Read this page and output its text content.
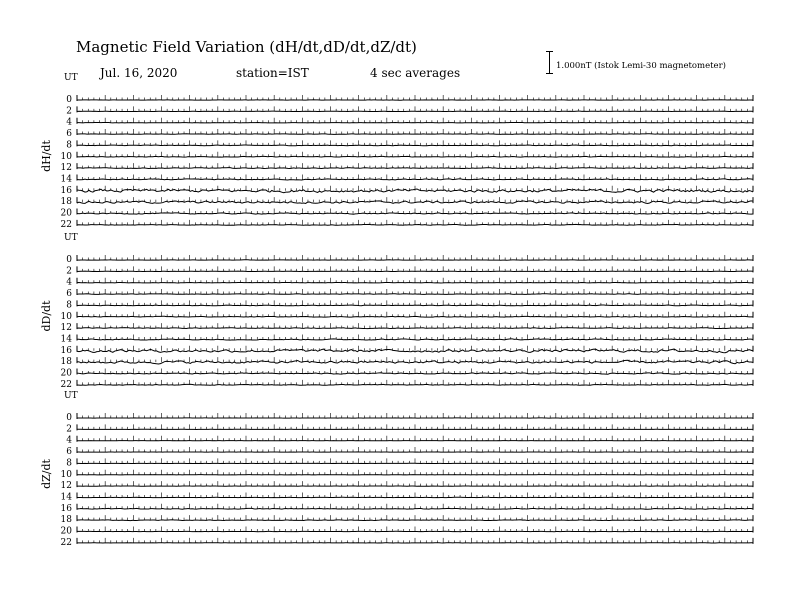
Magnetic Field Variation (dH/dt,dD/dt,dZ/dt)
Jul. 16, 2020	station=IST	4 sec averages	1.000nT (Istok Lemi-30 magnetometer)
UT
dH/dt
0
2
4
6
8
10
12
14
16
18
20
22
UT
dD/dt
0
2
4
6
8
10
12
14
16
18
20
22
UT
dZ/dt
0
2
4
6
8
10
12
14
16
18
20
22
